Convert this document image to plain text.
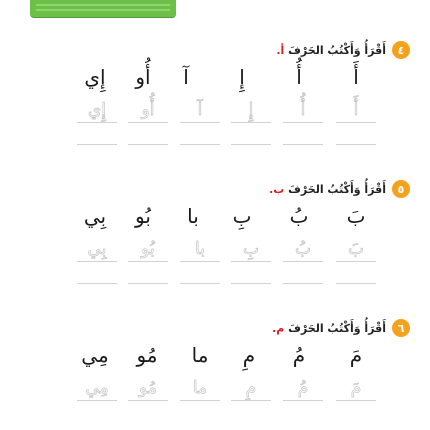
٤
أَقْرَأُ وَأَكْتُبُ الحَرْفَ أ.
أَ
أُ
إِ
آ
أُو
إِي
أَ
أُ
إِ
آ
أُو
إِي
٥
أَقْرَأُ وَأَكْتُبُ الحَرْفَ ب.
بَ
بُ
بِ
با
بُو
بِي
بَ
بُ
بِ
با
بُو
بِي
٦
أَقْرَأُ وَأَكْتُبُ الحَرْفَ م.
مَ
مُ
مِ
ما
مُو
مِي
مَ
مُ
مِ
ما
مُو
مِي
